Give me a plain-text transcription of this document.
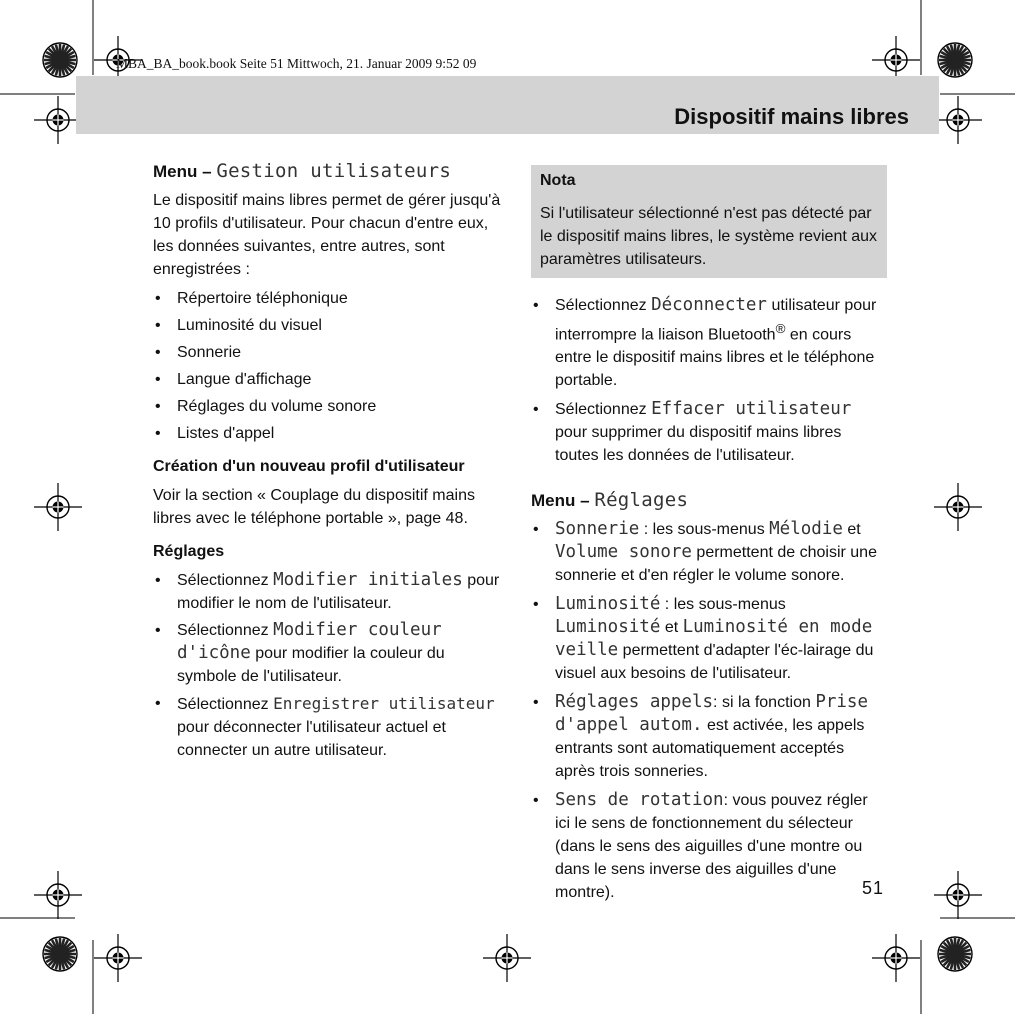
MBA_BA_book.book Seite 51 Mittwoch, 21. Januar 2009 9:52 09
Dispositif mains libres
Menu – Gestion utilisateurs

Le dispositif mains libres permet de gérer jusqu'à 10 profils d'utilisateur. Pour chacun d'entre eux, les données suivantes, entre autres, sont enregistrées :

• Répertoire téléphonique
• Luminosité du visuel
• Sonnerie
• Langue d'affichage
• Réglages du volume sonore
• Listes d'appel
Création d'un nouveau profil d'utilisateur

Voir la section « Couplage du dispositif mains libres avec le téléphone portable », page 48.

Réglages
• Sélectionnez Modifier initiales pour modifier le nom de l'utilisateur.
• Sélectionnez Modifier couleur d'icône pour modifier la couleur du symbole de l'utilisateur.
• Sélectionnez Enregistrer utilisateur pour déconnecter l'utilisateur actuel et connecter un autre utilisateur.
Nota
Si l'utilisateur sélectionné n'est pas détecté par le dispositif mains libres, le système revient aux paramètres utilisateurs.
• Sélectionnez Déconnecter utilisateur pour interrompre la liaison Bluetooth® en cours entre le dispositif mains libres et le téléphone portable.
• Sélectionnez Effacer utilisateur pour supprimer du dispositif mains libres toutes les données de l'utilisateur.
Menu – Réglages
• Sonnerie : les sous-menus Mélodie et Volume sonore permettent de choisir une sonnerie et d'en régler le volume sonore.
• Luminosité : les sous-menus Luminosité et Luminosité en mode veille permettent d'adapter l'éc-lairage du visuel aux besoins de l'utilisateur.
• Réglages appels: si la fonction Prise d'appel autom. est activée, les appels entrants sont automatiquement acceptés après trois sonneries.
• Sens de rotation: vous pouvez régler ici le sens de fonctionnement du sélecteur (dans le sens des aiguilles d'une montre ou dans le sens inverse des aiguilles d'une montre).	51
